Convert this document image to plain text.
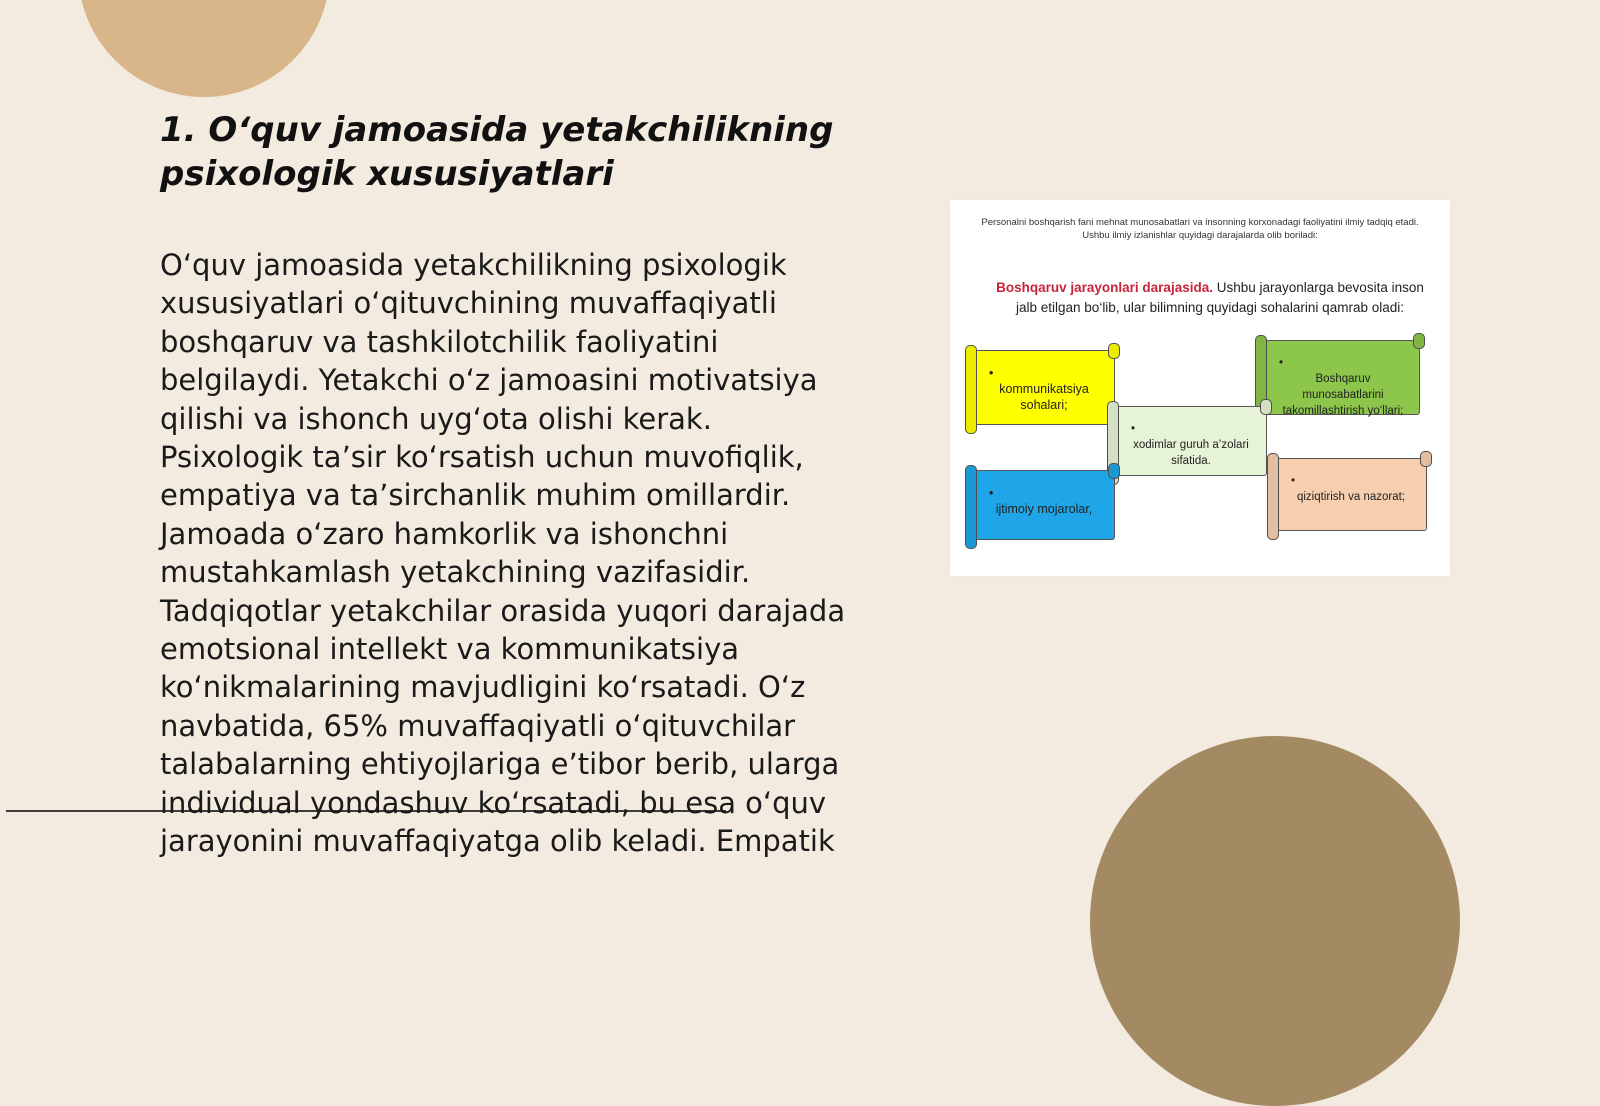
1. O‘quv jamoasida yetakchilikning psixologik xususiyatlari

O‘quv jamoasida yetakchilikning psixologik xususiyatlari o‘qituvchining muvaffaqiyatli boshqaruv va tashkilotchilik faoliyatini belgilaydi. Yetakchi o‘z jamoasini motivatsiya qilishi va ishonch uyg‘ota olishi kerak. Psixologik ta’sir ko‘rsatish uchun muvofiqlik, empatiya va ta’sirchanlik muhim omillardir. Jamoada o‘zaro hamkorlik va ishonchni mustahkamlash yetakchining vazifasidir. Tadqiqotlar yetakchilar orasida yuqori darajada emotsional intellekt va kommunikatsiya ko‘nikmalarining mavjudligini ko‘rsatadi. O‘z navbatida, 65% muvaffaqiyatli o‘qituvchilar talabalarning ehtiyojlariga e’tibor berib, ularga individual yondashuv ko‘rsatadi, bu esa o‘quv jarayonini muvaffaqiyatga olib keladi. Empatik

Personalni boshqarish fani mehnat munosabatlari va insonning korxonadagi faoliyatini ilmiy tadqiq etadi. Ushbu ilmiy izlanishlar quyidagi darajalarda olib boriladi:

Boshqaruv jarayonlari darajasida. Ushbu jarayonlarga bevosita inson jalb etilgan bo‘lib, ular bilimning quyidagi sohalarini qamrab oladi:

•kommunikatsiya sohalari;
•Boshqaruv munosabatlarini takomillashtirish yo‘llari;
•xodimlar guruh a’zolari sifatida.
•ijtimoiy mojarolar,
•qiziqtirish va nazorat;
